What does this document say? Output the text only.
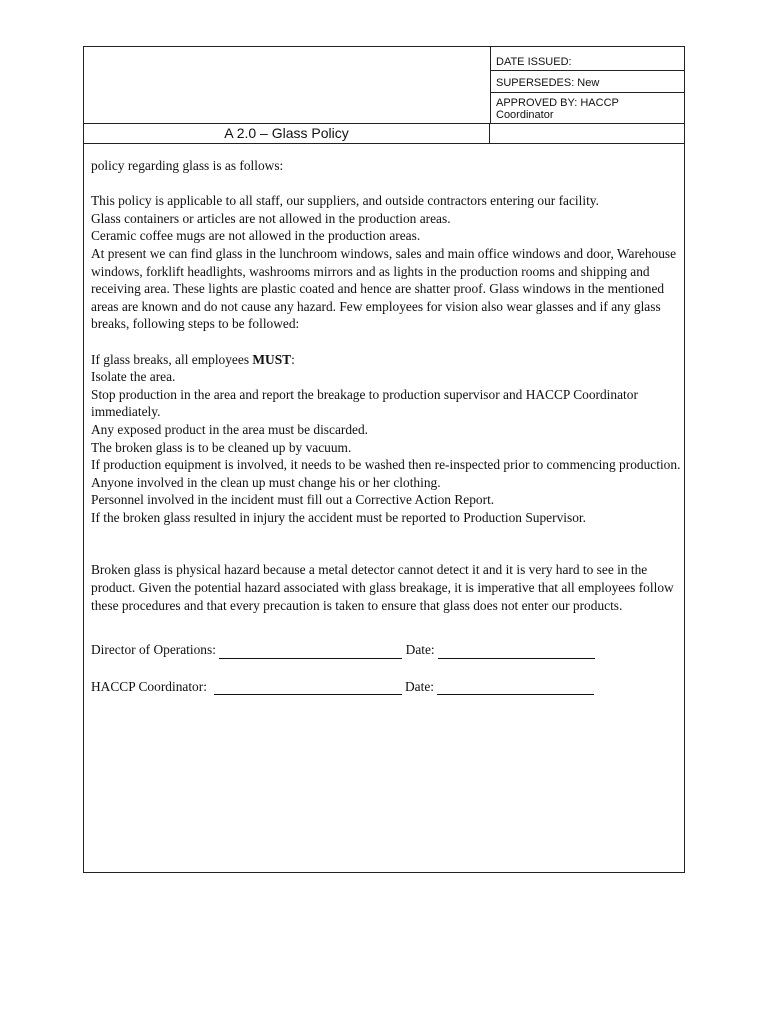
DATE ISSUED:
SUPERSEDES: New
APPROVED BY: HACCP
Coordinator
A 2.0 – Glass Policy

policy regarding glass is as follows:

This policy is applicable to all staff, our suppliers, and outside contractors entering our facility.

Glass containers or articles are not allowed in the production areas.

Ceramic coffee mugs are not allowed in the production areas.

At present we can find glass in the lunchroom windows, sales and main office windows and door, Warehouse windows, forklift headlights, washrooms mirrors and as lights in the production rooms and shipping and receiving area. These lights are plastic coated and hence are shatter proof. Glass windows in the mentioned areas are known and do not cause any hazard. Few employees for vision also wear glasses and if any glass breaks, following steps to be followed:

If glass breaks, all employees MUST:

Isolate the area.

Stop production in the area and report the breakage to production supervisor and HACCP Coordinator immediately.

Any exposed product in the area must be discarded.

The broken glass is to be cleaned up by vacuum.

If production equipment is involved, it needs to be washed then re-inspected prior to commencing production.

Anyone involved in the clean up must change his or her clothing.

Personnel involved in the incident must fill out a Corrective Action Report.

If the broken glass resulted in injury the accident must be reported to Production Supervisor.

Broken glass is physical hazard because a metal detector cannot detect it and it is very hard to see in the product. Given the potential hazard associated with glass breakage, it is imperative that all employees follow these procedures and that every precaution is taken to ensure that glass does not enter our products.

Director of Operations:	Date:
HACCP Coordinator:	Date:
